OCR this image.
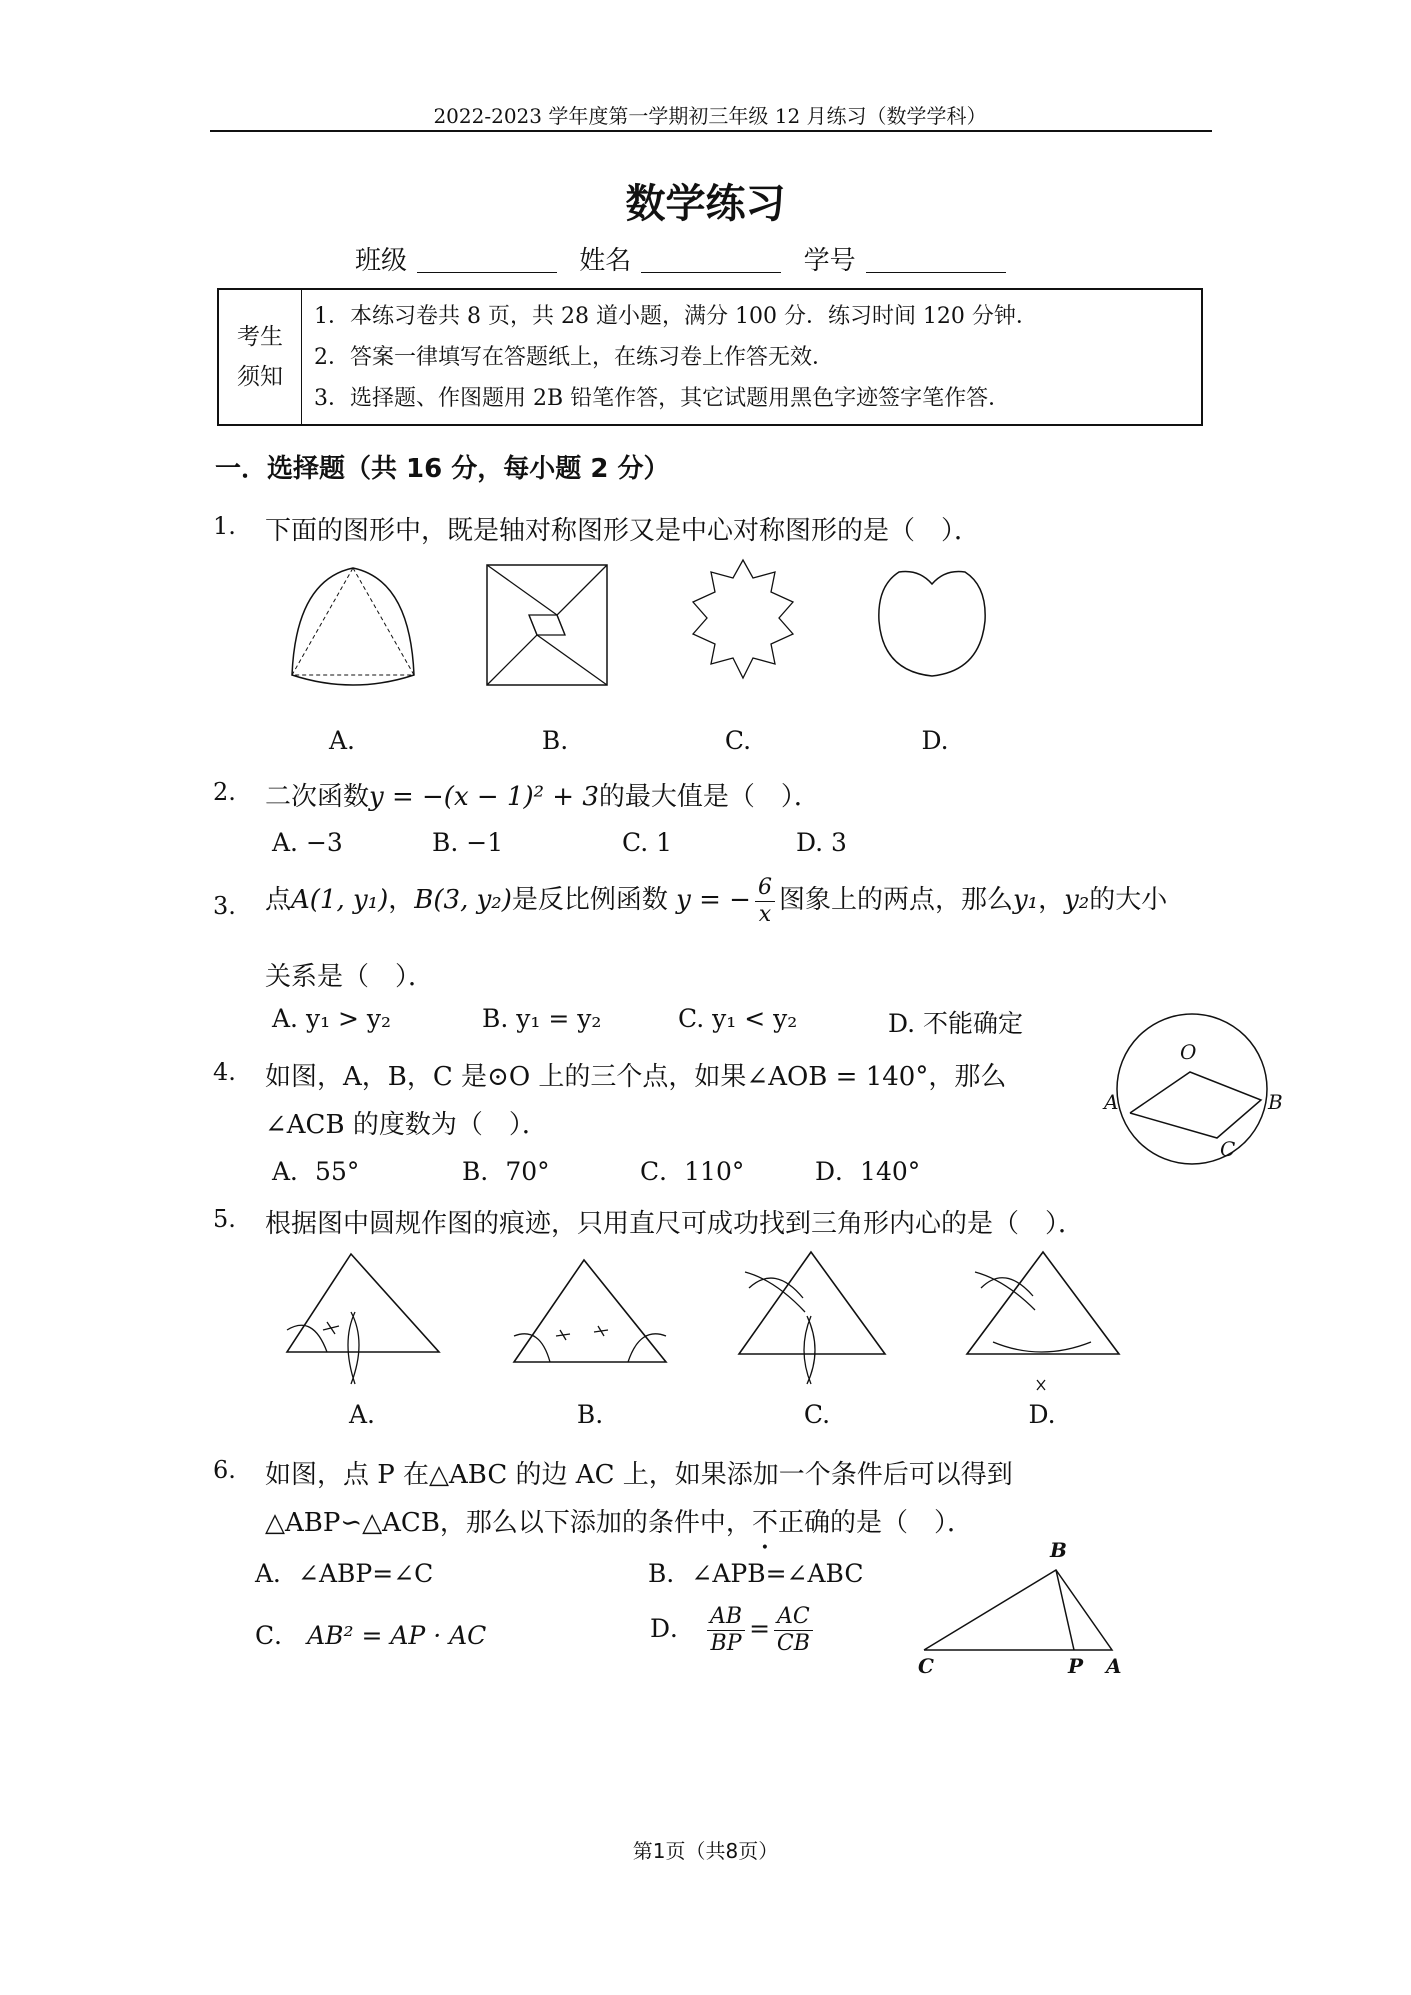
2022-2023 学年度第一学期初三年级 12 月练习（数学学科）
数学练习
班级	姓名	学号
考生
须知
1．本练习卷共 8 页，共 28 道小题，满分 100 分．练习时间 120 分钟．
2．答案一律填写在答题纸上，在练习卷上作答无效．
3．选择题、作图题用 2B 铅笔作答，其它试题用黑色字迹签字笔作答．
一．选择题（共 16 分，每小题 2 分）
1. 下面的图形中，既是轴对称图形又是中心对称图形的是（　）．
A.	B.	C.	D.
2. 二次函数y = −(x − 1)² + 3的最大值是（　）．
A. −3	B. −1	C. 1	D. 3
3. 点A(1, y₁)，B(3, y₂)是反比例函数 y = − $\frac{6}{x}$ 图象上的两点，那么y₁，y₂的大小
关系是（　）．
A. y₁ > y₂	B. y₁ = y₂	C. y₁ < y₂	D. 不能确定
4. 如图，A，B，C 是⊙O 上的三个点，如果∠AOB = 140°，那么
∠ACB 的度数为（　）．
A．55°	B．70°	C．110°	D．140°
O
A	B
C
5. 根据图中圆规作图的痕迹，只用直尺可成功找到三角形内心的是（　）．
A.	B.	C.	D.
6. 如图，点 P 在△ABC 的边 AC 上，如果添加一个条件后可以得到
△ABP∽△ACB，那么以下添加的条件中，不正确的是（　）．
A．∠ABP=∠C	B．∠APB=∠ABC
C． AB² = AP · AC	D． $\frac{AB}{BP} = \frac{AC}{CB}$
B
C	P A
第1页（共8页）
